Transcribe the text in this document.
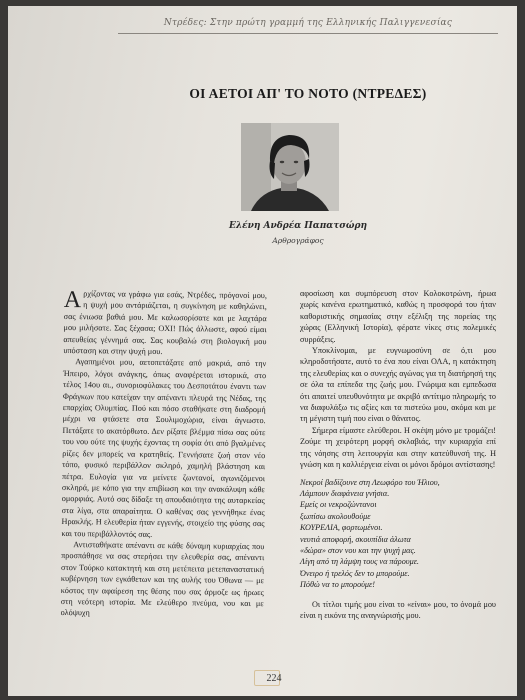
Ντρέδες: Στην πρώτη γραμμή της Ελληνικής Παλιγγενεσίας
ΟΙ ΑΕΤΟΙ ΑΠ' ΤΟ ΝΟΤΟ (ΝΤΡΕΔΕΣ)
Ελένη Ανδρέα Παπατσώρη
Αρθρογράφος

Αρχίζοντας να γράφω για εσάς, Ντρέδες, πρόγονοί μου, η ψυχή μου αντάριάζεται, η συγκίνηση με καθηλώνει, σας ένιωσα βαθιά μου. Με καλωσορίσατε και με λαχτάρα μου μιλήσατε. Σας ξέχασα; ΟΧΙ! Πώς άλλωστε, αφού είμαι απευθείας γέννημά σας. Σας κουβαλώ στη βιολογική μου υπόσταση και στην ψυχή μου.

Αγαπημένοι μου, αετοπετάξατε από μακριά, από την Ήπειρο, λόγοι ανάγκης, όπως αναφέρεται ιστορικά, στο τέλος 14ου αι., συνοριοφύλακες του Δεσποτάτου έναντι των Φράγκων που κατείχαν την απέναντι πλευρά της Νέδας, της επαρχίας Ολυμπίας. Πού και πόσο σταθήκατε στη διαδρομή μέχρι να φτάσετε στα Σουλιμοχώρια, είναι άγνωστο. Πετάξατε το ακατόρθωτο. Δεν ρίξατε βλέμμα πίσω σας ούτε του νου ούτε της ψυχής έχοντας τη σοφία ότι από βγαλμένες ρίζες δεν μπορείς να κρατηθείς. Γεννήσατε ζωή στον νέο τόπο, φυσικό περιβάλλον σκληρό, χαμηλή βλάστηση και πέτρα. Ευλογία για να μείνετε ζωντανοί, αγωνιζόμενοι σκληρά, με κόπο για την επιβίωση και την ανακάλυψη κάθε ομορφιάς. Αυτό σας δίδαξε τη σπουδαιότητα της αυταρκείας στα λίγα, στα απαραίτητα. Ο καθένας σας γεννήθηκε ένας Ηρακλής. Η ελευθερία ήταν εγγενής, στοιχείο της φύσης σας και του περιβάλλοντός σας.

Αντισταθήκατε απέναντι σε κάθε δύναμη κυριαρχίας που προσπάθησε να σας στερήσει την ελευθερία σας, απέναντι στον Τούρκο κατακτητή και στη μετέπειτα μετεπαναστατική κυβέρνηση των εγκάθετων και της αυλής του Όθωνα — με κόστος την αφαίρεση της θέσης που σας άρμοζε ως ήρωες στη νεότερη ιστορία. Με ελεύθερο πνεύμα, νου και με ολόψυχη

αφοσίωση και συμπόρευση στον Κολοκοτρώνη, ήρωα χωρίς κανένα ερωτηματικό, καθώς η προσφορά του ήταν καθοριστικής σημασίας στην εξέλιξη της πορείας της χώρας (Ελληνική Ιστορία), φέρατε νίκες στις πολεμικές συρράξεις.

Υποκλίνομαι, με ευγνωμοσύνη σε ό,τι μου κληροδοτήσατε, αυτό το ένα που είναι ΟΛΑ, η κατάκτηση της ελευθερίας και ο συνεχής αγώνας για τη διατήρησή της σε όλα τα επίπεδα της ζωής μου. Γνώριμα και εμπεδωσα ότι απαιτεί υπευθυνότητα με ακριβό αντίτιμο πληρωμής το να διαφυλάξω τις αξίες και τα πιστεύω μου, ακόμα και με τη μέγιστη τιμή που είναι ο θάνατος.

Σήμερα είμαστε ελεύθεροι. Η σκέψη μόνο με τρομάζει! Ζούμε τη χειρότερη μορφή σκλαβιάς, την κυριαρχία επί της νόησης στη λειτουργία και στην κατεύθυνσή της. Η γνώση και η καλλιέργεια είναι οι μόνοι δρόμοι αντίστασης!

Νεκροί βαδίζουνε στη Λεωφόρο του Ήλιου,
Λάμπουν διαφάνεια γνήσια.
Εμείς οι νεκροζώντανοι
ξωπίσω ακολουθούμε
ΚΟΥΡΕΛΙΑ, φορτωμένοι.
νευτιά αποφορή, σκουπίδια άλωτα
«δώρα» στον νου και την ψυχή μας.
Λίγη από τη λάμψη τους να πάρουμε.
Όνειρο ή τρελός δεν το μπορούμε.
Πόθώ να το μπορούμε!

Οι τίτλοι τιμής μου είναι το «είναι» μου, το όνομά μου είναι η εικόνα της αναγνώρισής μου.

224
